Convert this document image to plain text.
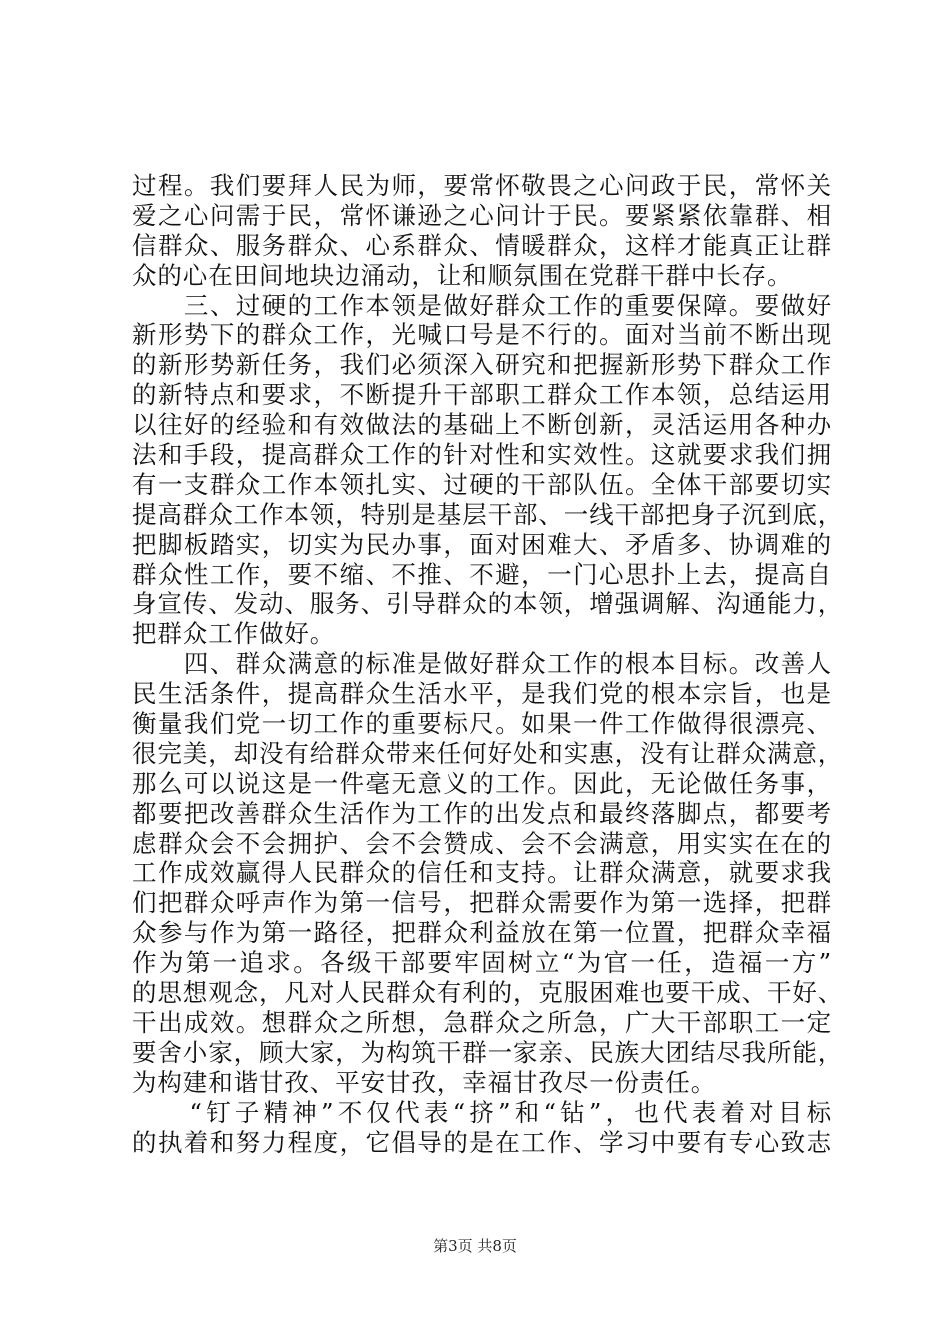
过程。我们要拜人民为师，要常怀敬畏之心问政于民，常怀关
爱之心问需于民，常怀谦逊之心问计于民。要紧紧依靠群、相
信群众、服务群众、心系群众、情暖群众，这样才能真正让群
众的心在田间地块边涌动，让和顺氛围在党群干群中长存。
　　三、过硬的工作本领是做好群众工作的重要保障。要做好
新形势下的群众工作，光喊口号是不行的。面对当前不断出现
的新形势新任务，我们必须深入研究和把握新形势下群众工作
的新特点和要求，不断提升干部职工群众工作本领，总结运用
以往好的经验和有效做法的基础上不断创新，灵活运用各种办
法和手段，提高群众工作的针对性和实效性。这就要求我们拥
有一支群众工作本领扎实、过硬的干部队伍。全体干部要切实
提高群众工作本领，特别是基层干部、一线干部把身子沉到底，
把脚板踏实，切实为民办事，面对困难大、矛盾多、协调难的
群众性工作，要不缩、不推、不避，一门心思扑上去，提高自
身宣传、发动、服务、引导群众的本领，增强调解、沟通能力，
把群众工作做好。
　　四、群众满意的标准是做好群众工作的根本目标。改善人
民生活条件，提高群众生活水平，是我们党的根本宗旨，也是
衡量我们党一切工作的重要标尺。如果一件工作做得很漂亮、
很完美，却没有给群众带来任何好处和实惠，没有让群众满意，
那么可以说这是一件毫无意义的工作。因此，无论做任务事，
都要把改善群众生活作为工作的出发点和最终落脚点，都要考
虑群众会不会拥护、会不会赞成、会不会满意，用实实在在的
工作成效赢得人民群众的信任和支持。让群众满意，就要求我
们把群众呼声作为第一信号，把群众需要作为第一选择，把群
众参与作为第一路径，把群众利益放在第一位置，把群众幸福
作为第一追求。各级干部要牢固树立“为官一任，造福一方”
的思想观念，凡对人民群众有利的，克服困难也要干成、干好、
干出成效。想群众之所想，急群众之所急，广大干部职工一定
要舍小家，顾大家，为构筑干群一家亲、民族大团结尽我所能，
为构建和谐甘孜、平安甘孜，幸福甘孜尽一份责任。
　　“钉子精神”不仅代表“挤”和“钻”，也代表着对目标
的执着和努力程度，它倡导的是在工作、学习中要有专心致志
第3页 共8页
